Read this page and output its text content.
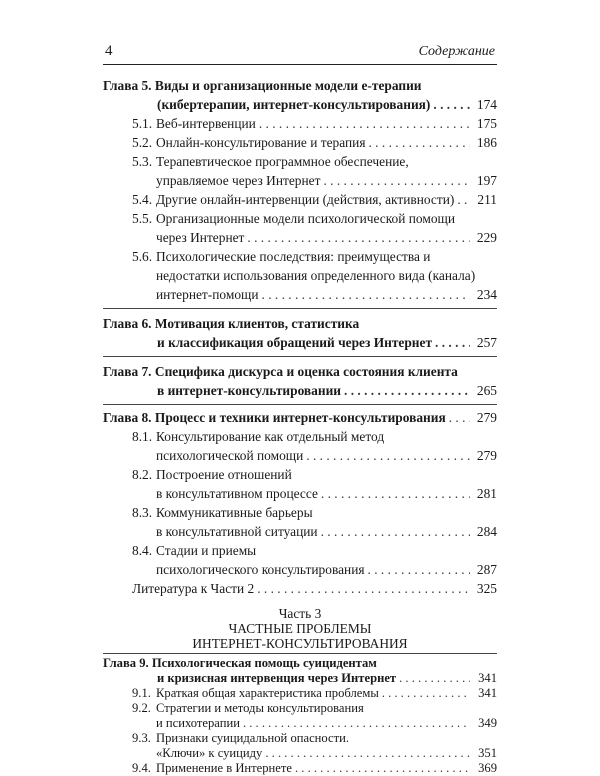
4	Содержание
Глава 5.
Виды и организационные модели е-терапии
(кибертерапии, интернет-консультирования) . . .	174
5.1. Веб-интервенции . . .	175
5.2. Онлайн-консультирование и терапия . . .	186
5.3. Терапевтическое программное обеспечение,
управляемое через Интернет . . .	197
5.4. Другие онлайн-интервенции (действия, активности) . . .	211
5.5. Организационные модели психологической помощи
через Интернет . . .	229
5.6. Психологические последствия: преимущества и
недостатки использования определенного вида (канала)
интернет-помощи . . .	234
Глава 6.
Мотивация клиентов, статистика
и классификация обращений через Интернет . . .	257
Глава 7.
Специфика дискурса и оценка состояния клиента
в интернет-консультировании . . .	265
Глава 8.
Процесс и техники интернет-консультирования . . . 279
8.1. Консультирование как отдельный метод
психологической помощи . . .	279
8.2. Построение отношений
в консультативном процессе . . .	281
8.3. Коммуникативные барьеры
в консультативной ситуации . . .	284
8.4. Стадии и приемы
психологического консультирования . . .	287
Литература к Части 2 . . .	325
Часть 3
ЧАСТНЫЕ ПРОБЛЕМЫ
ИНТЕРНЕТ-КОНСУЛЬТИРОВАНИЯ
Глава 9.
Психологическая помощь суицидентам
и кризисная интервенция через Интернет . . .	341
9.1. Краткая общая характеристика проблемы . . .	341
9.2. Стратегии и методы консультирования
и психотерапии . . .	349
9.3. Признаки суицидальной опасности.
«Ключи» к суициду . . .	351
9.4. Применение в Интернете . . .	369
